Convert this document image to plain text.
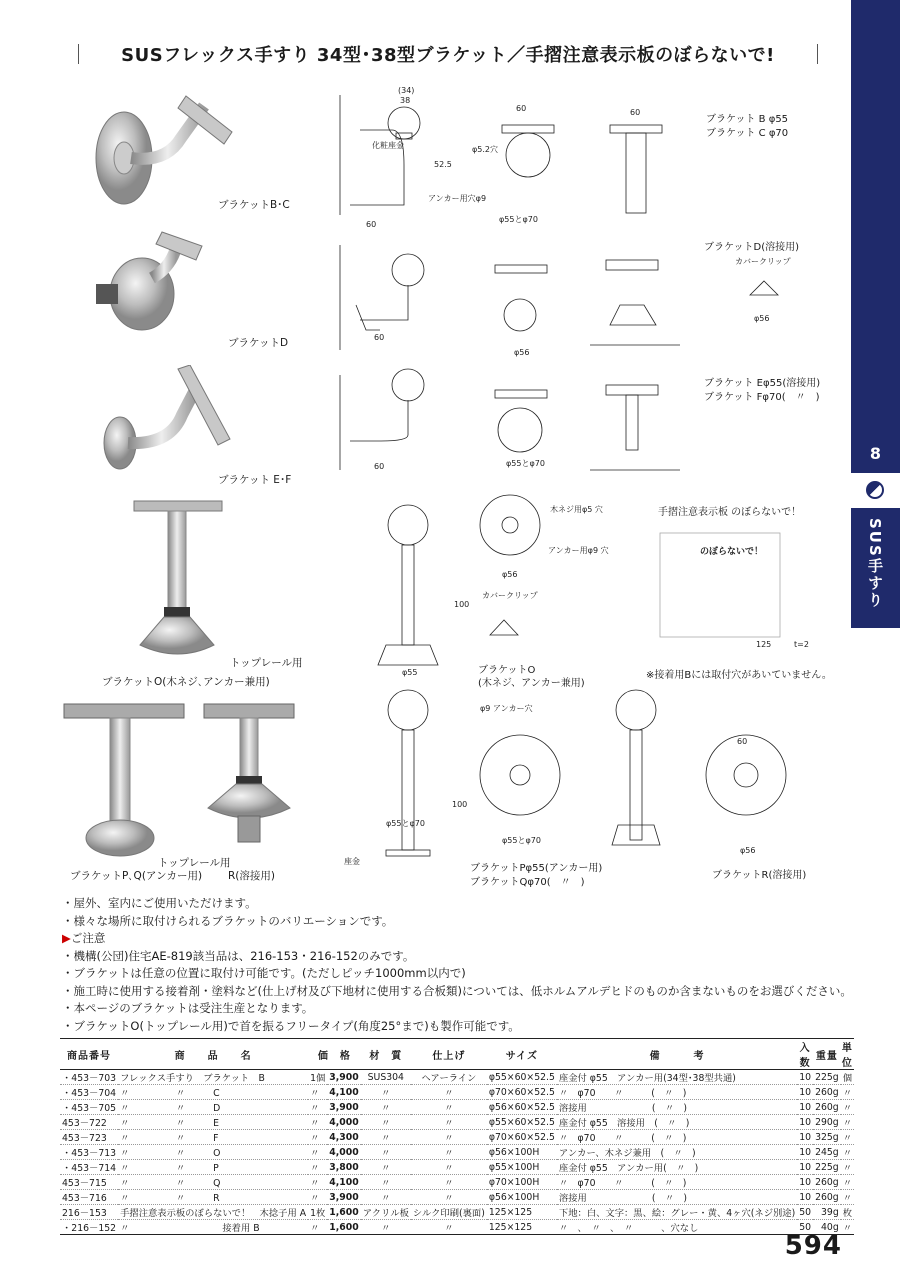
SUSフレックス手すり 34型･38型ブラケット／手摺注意表示板のぼらないで!
8
SUS手すり
ブラケットB･C
ブラケットD
ブラケット E･F
トップレール用
ブラケットO(木ネジ､アンカー兼用)
トップレール用
ブラケットP､Q(アンカー用) R(溶接用)
ブラケット B φ55
ブラケット C φ70
ブラケットD(溶接用)
カバークリップ
ブラケット Eφ55(溶接用)
ブラケット Fφ70(　〃　)
化粧座金
アンカー用穴φ9
木ネジ用φ5 穴
アンカー用φ9 穴
カバークリップ
φ9 アンカー穴
ブラケットO
(木ネジ、アンカー兼用)
ブラケットPφ55(アンカー用)
ブラケットQφ70(　〃　)
ブラケットR(溶接用)
座金
手摺注意表示板 のぼらないで！
のぼらないで！
※接着用Bには取付穴があいていません。
(34)
38
60	60
52.5
φ5.2穴
φ55とφ70
60
φ56
φ56
60
φ55とφ70
60
100
φ56
φ55
125	t=2
100
φ55とφ70
φ55とφ70
φ56
60
・屋外、室内にご使用いただけます。
・様々な場所に取付けられるブラケットのバリエーションです。
▶ご注意
・機構(公団)住宅AE-819該当品は、216-153・216-152のみです。
・ブラケットは任意の位置に取付け可能です。(ただしピッチ1000mm以内で)
・施工時に使用する接着剤・塗料など(仕上げ材及び下地材に使用する合板類)については、低ホルムアルデヒドのものか含まないものをお選びください。
・本ページのブラケットは受注生産となります。
・ブラケットO(トップレール用)で首を振るフリータイプ(角度25°まで)も製作可能です。
商品番号	商　　品　　名	価　格		材　質	仕上げ	サイズ	備　　　考	入数	重量	単位
・453－703	フレックス手すり　ブラケット　B	1個	3,900	SUS304	ヘアーライン	φ55×60×52.5	座金付 φ55　アンカー用(34型･38型共通)	10	225g	個
・453－704	〃　　　　　〃　　　C	〃	4,100	〃	〃	φ70×60×52.5	〃　φ70　　〃　　　(　〃　)	10	260g	〃
・453－705	〃　　　　　〃　　　D	〃	3,900	〃	〃	φ56×60×52.5	溶接用　　　　　　　(　〃　)	10	260g	〃
453－722	〃　　　　　〃　　　E	〃	4,000	〃	〃	φ55×60×52.5	座金付 φ55　溶接用　(　〃　)	10	290g	〃
453－723	〃　　　　　〃　　　F	〃	4,300	〃	〃	φ70×60×52.5	〃　φ70　　〃　　　(　〃　)	10	325g	〃
・453－713	〃　　　　　〃　　　O	〃	4,000	〃	〃	φ56×100H	アンカー、木ネジ兼用　(　〃　)	10	245g	〃
・453－714	〃　　　　　〃　　　P	〃	3,800	〃	〃	φ55×100H	座金付 φ55　アンカー用(　〃　)	10	225g	〃
453－715	〃　　　　　〃　　　Q	〃	4,100	〃	〃	φ70×100H	〃　φ70　　〃　　　(　〃　)	10	260g	〃
453－716	〃　　　　　〃　　　R	〃	3,900	〃	〃	φ56×100H	溶接用　　　　　　　(　〃　)	10	260g	〃
216－153	手摺注意表示板のぼらないで！　木捻子用 A	1枚	1,600	アクリル板	シルク印刷(裏面)	125×125	下地：白、文字：黒、絵：グレー・黄、4ヶ穴(ネジ別途)	50	39g	枚
・216－152	〃　　　　　　　　　　接着用 B	〃	1,600	〃	〃	125×125	〃　、　〃　、　〃　　　、穴なし	50	40g	〃
594
